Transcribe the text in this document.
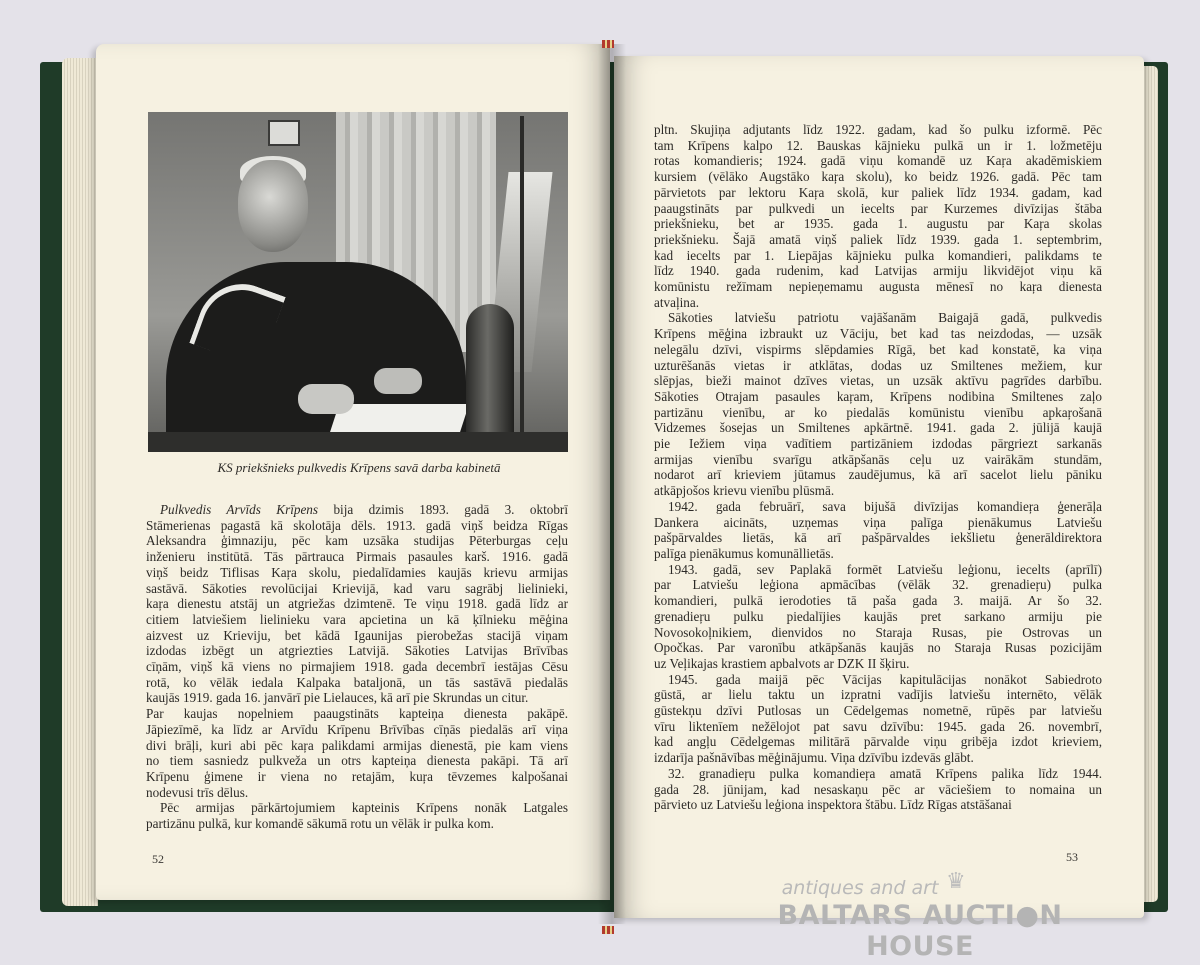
KS priekšnieks pulkvedis Krīpens savā darba kabinetā
Pulkvedis Arvīds Krīpens bija dzimis 1893. gadā 3. oktobrī
Stāmerienas pagastā kā skolotāja dēls. 1913. gadā viņš beidza Rīgas
Aleksandra ģimnaziju, pēc kam uzsāka studijas Pēterburgas ceļu
inženieru institūtā. Tās pārtrauca Pirmais pasaules karš. 1916. gadā
viņš beidz Tiflisas Kaŗa skolu, piedalīdamies kaujās krievu armijas
sastāvā. Sākoties revolūcijai Krievijā, kad varu sagrābj lielinieki,
kaŗa dienestu atstāj un atgriežas dzimtenē. Te viņu 1918. gadā līdz ar
citiem latviešiem lielinieku vara apcietina un kā ķīlnieku mēģina
aizvest uz Krieviju, bet kādā Igaunijas pierobežas stacijā viņam
izdodas izbēgt un atgriezties Latvijā. Sākoties Latvijas Brīvības
cīņām, viņš kā viens no pirmajiem 1918. gada decembrī iestājas Cēsu
rotā, ko vēlāk iedala Kalpaka bataljonā, un tās sastāvā piedalās
kaujās 1919. gada 16. janvārī pie Lielauces, kā arī pie Skrundas un citur.
Par kaujas nopelniem paaugstināts kapteiņa dienesta pakāpē.
Jāpiezīmē, ka līdz ar Arvīdu Krīpenu Brīvības cīņās piedalās arī viņa
divi brāļi, kuri abi pēc kaŗa palikdami armijas dienestā, pie kam viens
no tiem sasniedz pulkveža un otrs kapteiņa dienesta pakāpi. Tā arī
Krīpenu ģimene ir viena no retajām, kuŗa tēvzemes kalpošanai
nodevusi trīs dēlus.
Pēc armijas pārkārtojumiem kapteinis Krīpens nonāk Latgales
partizānu pulkā, kur komandē sākumā rotu un vēlāk ir pulka kom.
52
pltn. Skujiņa adjutants līdz 1922. gadam, kad šo pulku izformē. Pēc
tam Krīpens kalpo 12. Bauskas kājnieku pulkā un ir 1. ložmetēju
rotas komandieris; 1924. gadā viņu komandē uz Kaŗa akadēmiskiem
kursiem (vēlāko Augstāko kaŗa skolu), ko beidz 1926. gadā. Pēc tam
pārvietots par lektoru Kaŗa skolā, kur paliek līdz 1934. gadam, kad
paaugstināts par pulkvedi un iecelts par Kurzemes divīzijas štāba
priekšnieku, bet ar 1935. gada 1. augustu par Kaŗa skolas
priekšnieku. Šajā amatā viņš paliek līdz 1939. gada 1. septembrim,
kad iecelts par 1. Liepājas kājnieku pulka komandieri, palikdams te
līdz 1940. gada rudenim, kad Latvijas armiju likvidējot viņu kā
komūnistu režīmam nepieņemamu augusta mēnesī no kaŗa dienesta
atvaļina.
Sākoties latviešu patriotu vajāšanām Baigajā gadā, pulkvedis
Krīpens mēģina izbraukt uz Vāciju, bet kad tas neizdodas, — uzsāk
nelegālu dzīvi, vispirms slēpdamies Rīgā, bet kad konstatē, ka viņa
uzturēšanās vietas ir atklātas, dodas uz Smiltenes mežiem, kur
slēpjas, bieži mainot dzīves vietas, un uzsāk aktīvu pagrīdes darbību.
Sākoties Otrajam pasaules kaŗam, Krīpens nodibina Smiltenes zaļo
partizānu vienību, ar ko piedalās komūnistu vienību apkaŗošanā
Vidzemes šosejas un Smiltenes apkārtnē. 1941. gada 2. jūlijā kaujā
pie Iežiem viņa vadītiem partizāniem izdodas pārgriezt sarkanās
armijas vienību svarīgu atkāpšanās ceļu uz vairākām stundām,
nodarot arī krieviem jūtamus zaudējumus, kā arī sacelot lielu pāniku
atkāpjošos krievu vienību plūsmā.
1942. gada februārī, sava bijušā divīzijas komandieŗa ģenerāļa
Dankera aicināts, uzņemas viņa palīga pienākumus Latviešu
pašpārvaldes lietās, kā arī pašpārvaldes iekšlietu ģenerāldirektora
palīga pienākumus komunāllietās.
1943. gadā, sev Paplakā formēt Latviešu leģionu, iecelts (aprīlī)
par Latviešu leģiona apmācības (vēlāk 32. grenadieŗu) pulka
komandieri, pulkā ierodoties tā paša gada 3. maijā. Ar šo 32.
grenadieŗu pulku piedalījies kaujās pret sarkano armiju pie
Novosokoļnikiem, dienvidos no Staraja Rusas, pie Ostrovas un
Opočkas. Par varonību atkāpšanās kaujās no Staraja Rusas pozicijām
uz Veļikajas krastiem apbalvots ar DZK II šķiru.
1945. gada maijā pēc Vācijas kapitulācijas nonākot Sabiedroto
gūstā, ar lielu taktu un izpratni vadījis latviešu internēto, vēlāk
gūstekņu dzīvi Putlosas un Cēdelgemas nometnē, rūpēs par latviešu
vīru liktenīem nežēlojot pat savu dzīvību: 1945. gada 26. novembrī,
kad angļu Cēdelgemas militārā pārvalde viņu gribēja izdot krieviem,
izdarīja pašnāvības mēģinājumu. Viņa dzīvību izdevās glābt.
32. granadieŗu pulka komandieŗa amatā Krīpens palika līdz 1944.
gada 28. jūnijam, kad nesaskaņu pēc ar vāciešiem to nomaina un
pārvieto uz Latviešu leģiona inspektora štābu. Līdz Rīgas atstāšanai
53
antiques and art ♛
BALTARS AUCTI●N HOUSE
